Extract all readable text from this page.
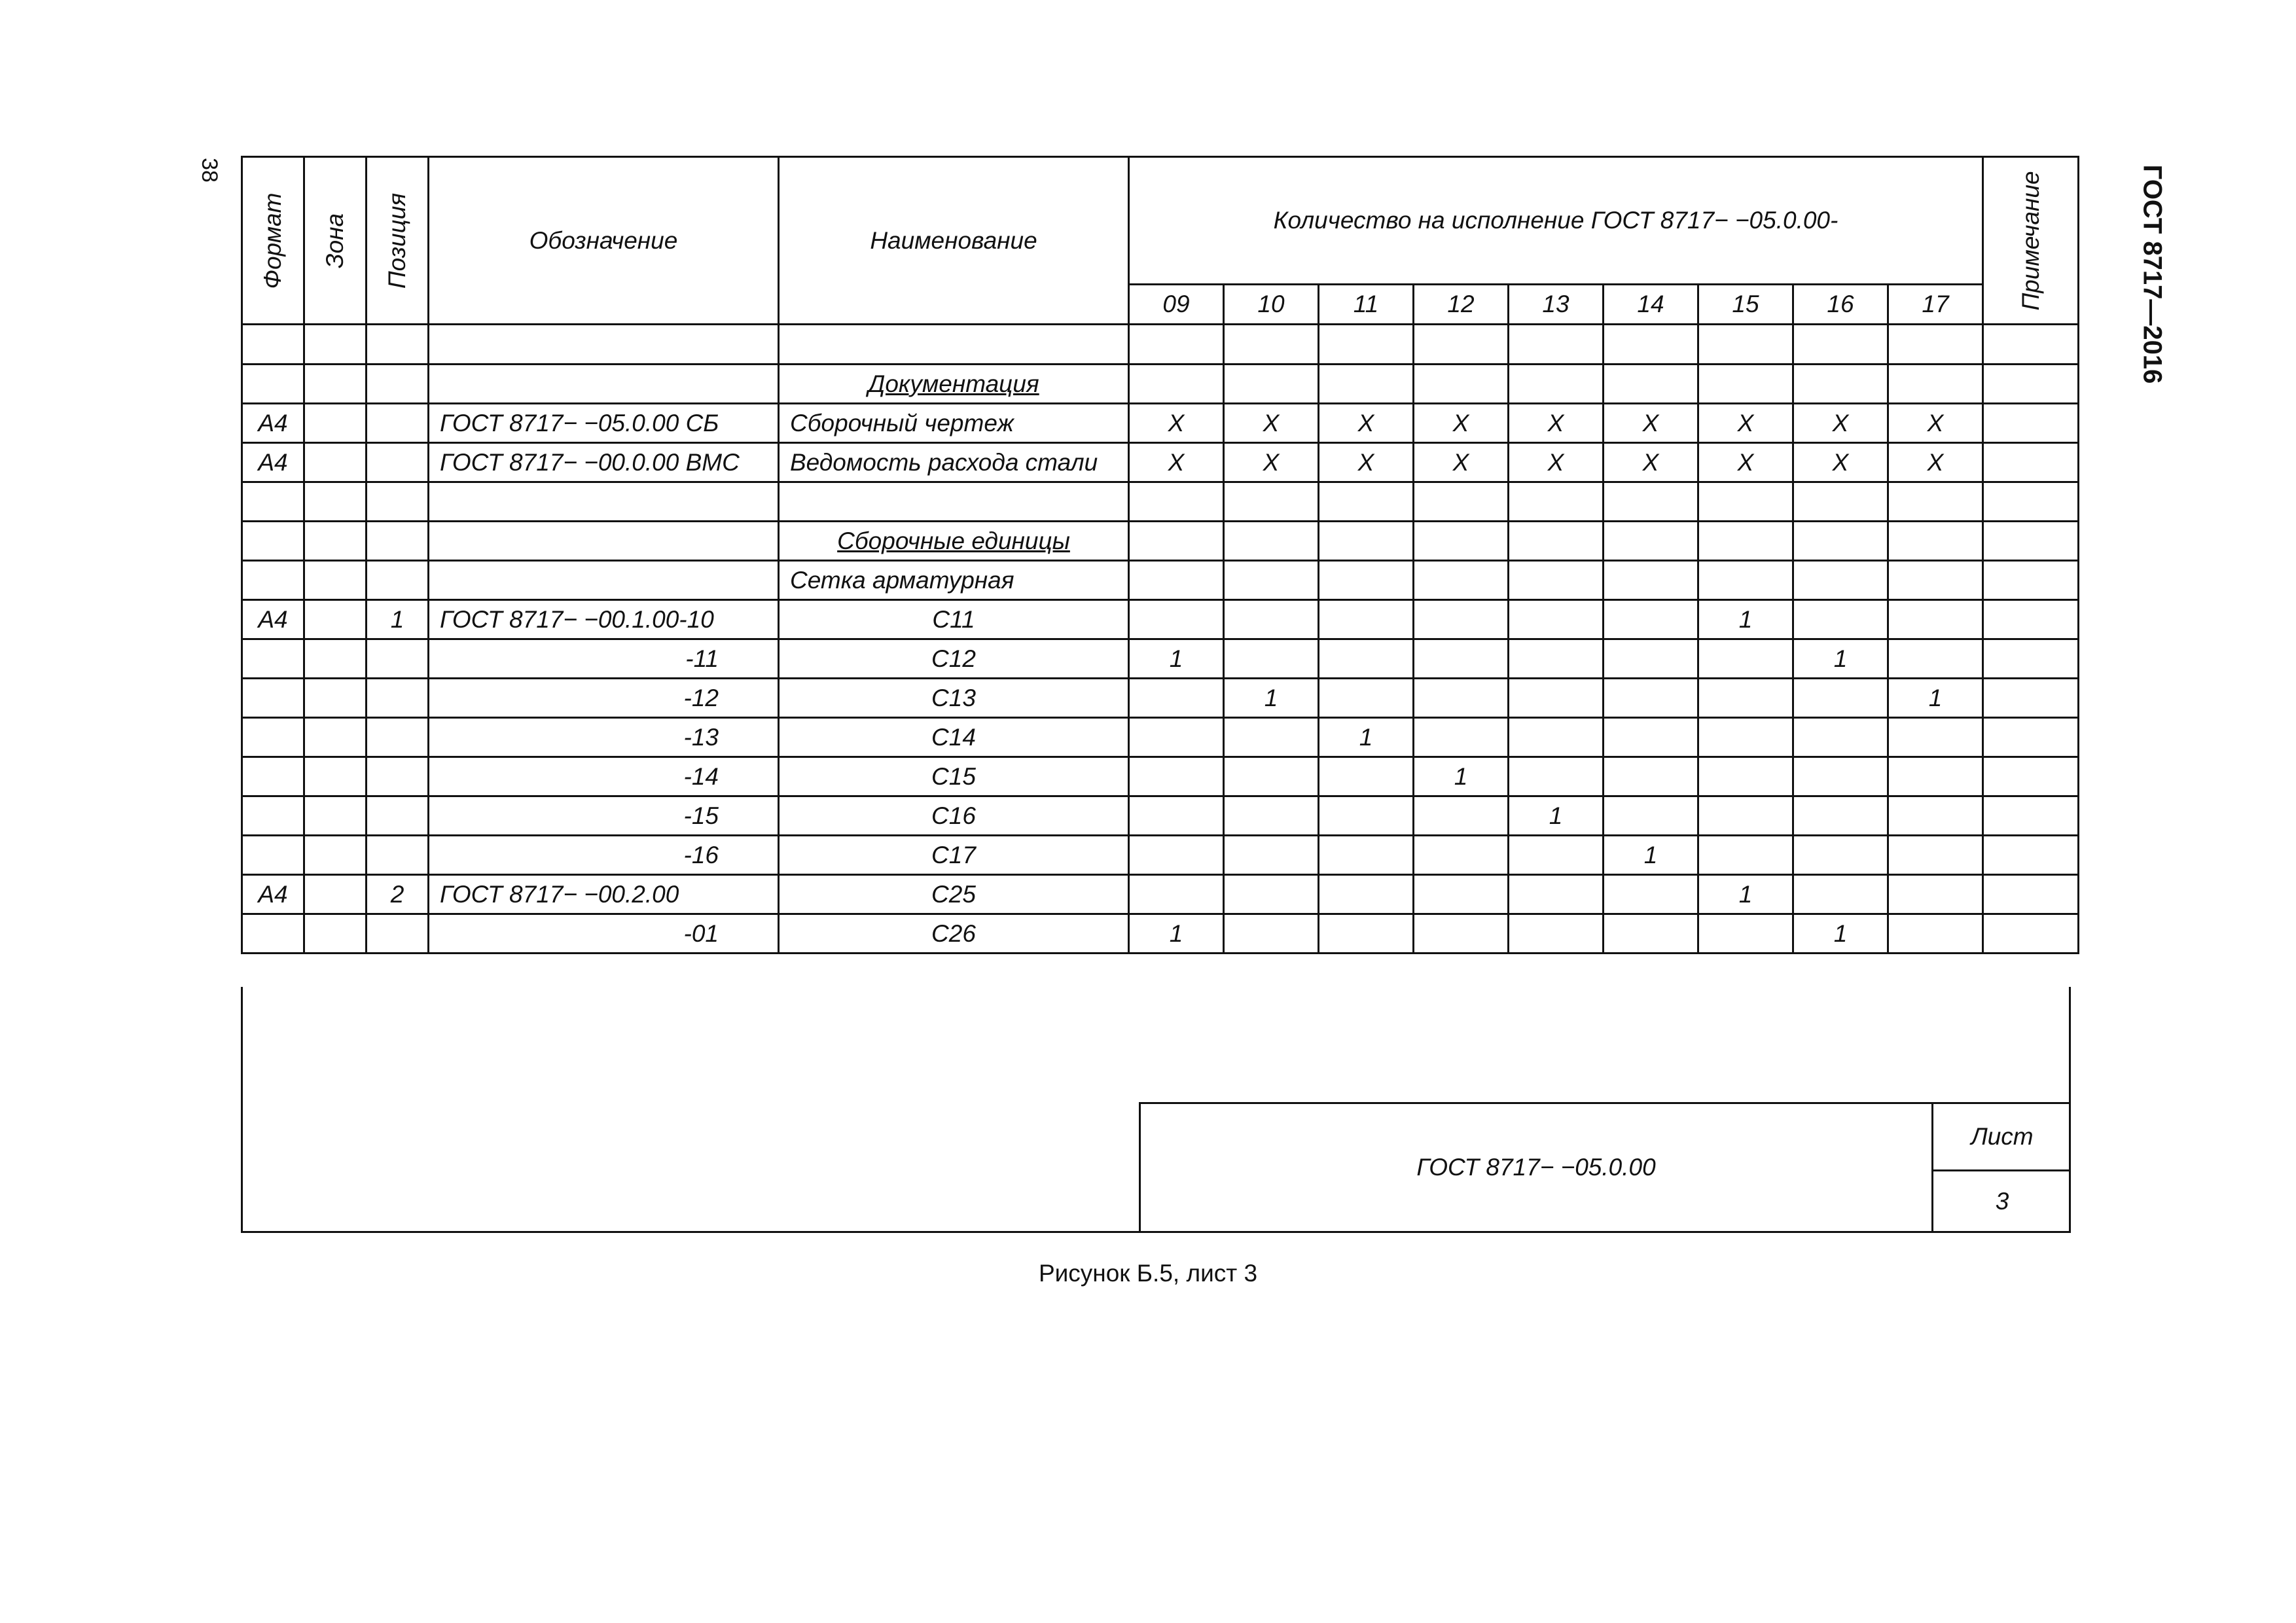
38	ГОСТ 8717—2016
Формат	Зона	Позиция	Обозначение	Наименование	Количество на исполнение ГОСТ 8717− −05.0.00-									Примечание

					09	10	11	12	13	14	15	16	17	

				Документация										
А4			ГОСТ 8717− −05.0.00 СБ	Сборочный чертеж	X	X	X	X	X	X	X	X	X	
А4			ГОСТ 8717− −00.0.00 ВМС	Ведомость расхода стали	X	X	X	X	X	X	X	X	X	

				Сборочные единицы										
				Сетка арматурная										
А4		1	ГОСТ 8717− −00.1.00-10	С11							1			
			-11	С12	1							1		
			-12	С13		1							1	
			-13	С14			1							
			-14	С15				1						
			-15	С16					1					
			-16	С17						1				
А4		2	ГОСТ 8717− −00.2.00	С25							1			
			-01	С26	1							1		
ГОСТ 8717− −05.0.00
Лист
3
Рисунок Б.5, лист 3
